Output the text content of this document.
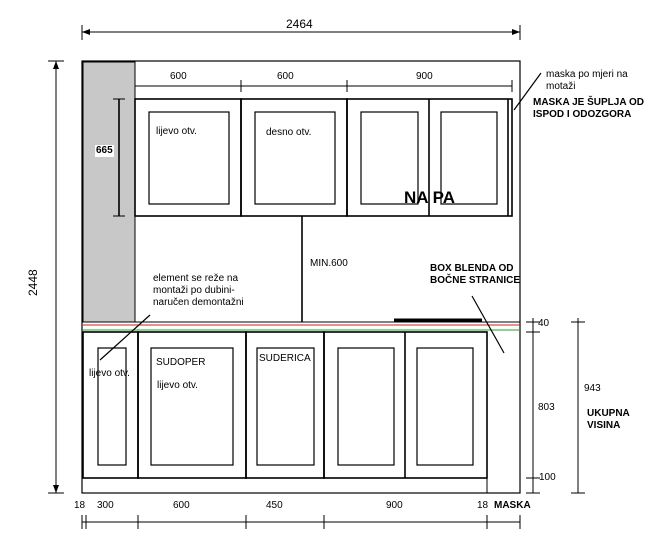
2464
2448
600	600	900
665
MIN.600
lijevo otv.	desno otv.
NA PA
maska po mjeri na motaži
MASKA JE ŠUPLJA OD ISPOD I ODOZGORA
element se reže na montaži po dubini-naručen demontažni
BOX BLENDA OD BOČNE STRANICE
lijevo otv.
SUDOPER
lijevo otv.
SUDERICA
40
803
100
943
UKUPNA VISINA
18 300	600	450	900	18 MASKA
